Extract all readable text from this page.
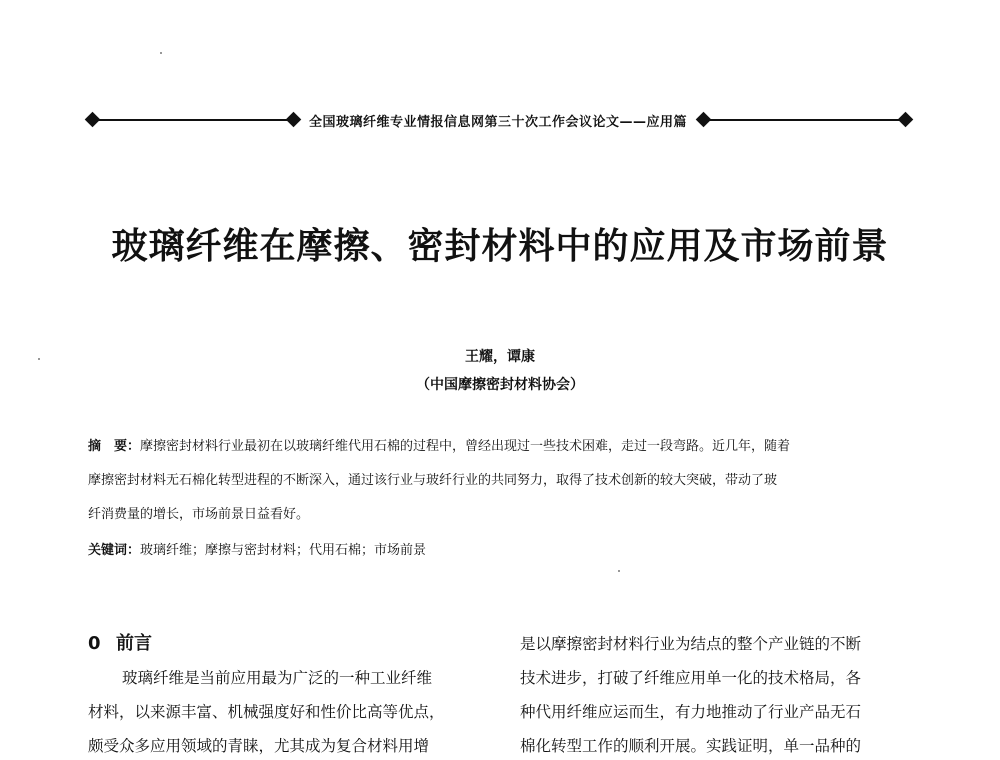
全国玻璃纤维专业情报信息网第三十次工作会议论文——应用篇
玻璃纤维在摩擦、密封材料中的应用及市场前景
王耀，谭康
（中国摩擦密封材料协会）
摘　要：摩擦密封材料行业最初在以玻璃纤维代用石棉的过程中，曾经出现过一些技术困难，走过一段弯路。近几年，随着
摩擦密封材料无石棉化转型进程的不断深入，通过该行业与玻纤行业的共同努力，取得了技术创新的较大突破，带动了玻
纤消费量的增长，市场前景日益看好。
关键词：玻璃纤维；摩擦与密封材料；代用石棉；市场前景
0 前言
玻璃纤维是当前应用最为广泛的一种工业纤维
材料，以来源丰富、机械强度好和性价比高等优点，
颇受众多应用领域的青睐，尤其成为复合材料用增
是以摩擦密封材料行业为结点的整个产业链的不断
技术进步，打破了纤维应用单一化的技术格局，各
种代用纤维应运而生，有力地推动了行业产品无石
棉化转型工作的顺利开展。实践证明，单一品种的
